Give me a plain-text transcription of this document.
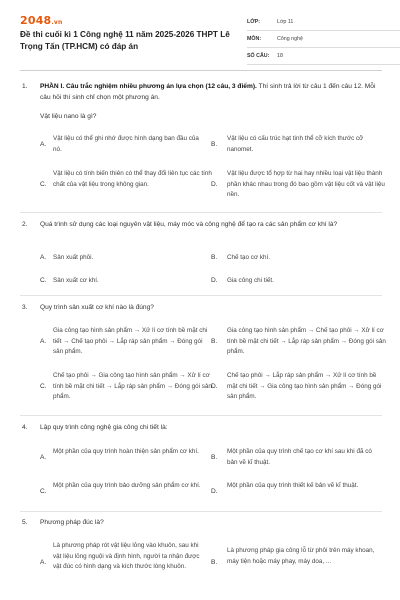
2048.vn
Đề thi cuối kì 1 Công nghệ 11 năm 2025-2026 THPT Lê Trọng Tấn (TP.HCM) có đáp án
LỚP:	Lớp 11
MÔN:	Công nghệ
SỐ CÂU:	18
1.	PHẦN I. Câu trắc nghiệm nhiều phương án lựa chọn (12 câu, 3 điểm). Thí sinh trả lời từ câu 1 đến câu 12. Mỗi câu hỏi thí sinh chỉ chọn một phương án.
Vật liệu nano là gì?
A.
Vật liệu có thể ghi nhớ được hình dạng ban đầu của nó.
B.
Vật liệu có cấu trúc hạt tinh thể cỡ kích thước cỡ nanomet.
C.
Vật liệu có tính biến thiên có thể thay đổi liên tục các tính chất của vật liệu trong không gian.	D.
Vật liệu được tổ hợp từ hai hay nhiều loại vật liệu thành phần khác nhau trong đó bao gồm vật liệu cốt và vật liệu nền.
2.	Quá trình sử dụng các loại nguyên vật liệu, máy móc và công nghệ để tạo ra các sản phẩm cơ khí là?
A. Sản xuất phôi.	B. Chế tạo cơ khí.
C. Sản xuất cơ khí.	D. Gia công chi tiết.
3.	Quy trình sản xuất cơ khí nào là đúng?
A.
Gia công tạo hình sản phẩm → Xử lí cơ tính bề mặt chi tiết → Chế tạo phôi → Lắp ráp sản phẩm → Đóng gói sản phẩm.
B.
Gia công tạo hình sản phẩm → Chế tạo phôi → Xử lí cơ tính bề mặt chi tiết → Lắp ráp sản phẩm → Đóng gói sản phẩm.
C.
Chế tạo phôi → Gia công tạo hình sản phẩm → Xử lí cơ tính bề mặt chi tiết → Lắp ráp sản phẩm → Đóng gói sản phẩm.
D.
Chế tạo phôi → Lắp ráp sản phẩm → Xử lí cơ tính bề mặt chi tiết → Gia công tạo hình sản phẩm → Đóng gói sản phẩm.
4.	Lập quy trình công nghệ gia công chi tiết là:
A.
Một phần của quy trình hoàn thiện sản phẩm cơ khí.
B.
Một phần của quy trình chế tạo cơ khí sau khi đã có bản vẽ kĩ thuật.
C.
Một phần của quy trình bảo dưỡng sản phẩm cơ khí.
D.
Một phần của quy trình thiết kế bản vẽ kĩ thuật.
5.	Phương pháp đúc là?
A.
Là phương pháp rót vật liệu lỏng vào khuôn, sau khi vật liệu lỏng nguội và định hình, người ta nhận được vật đúc có hình dạng và kích thước lòng khuôn.
B.
Là phương pháp gia công lỗ từ phôi trên máy khoan, máy tiện hoặc máy phay, máy doa, ...
